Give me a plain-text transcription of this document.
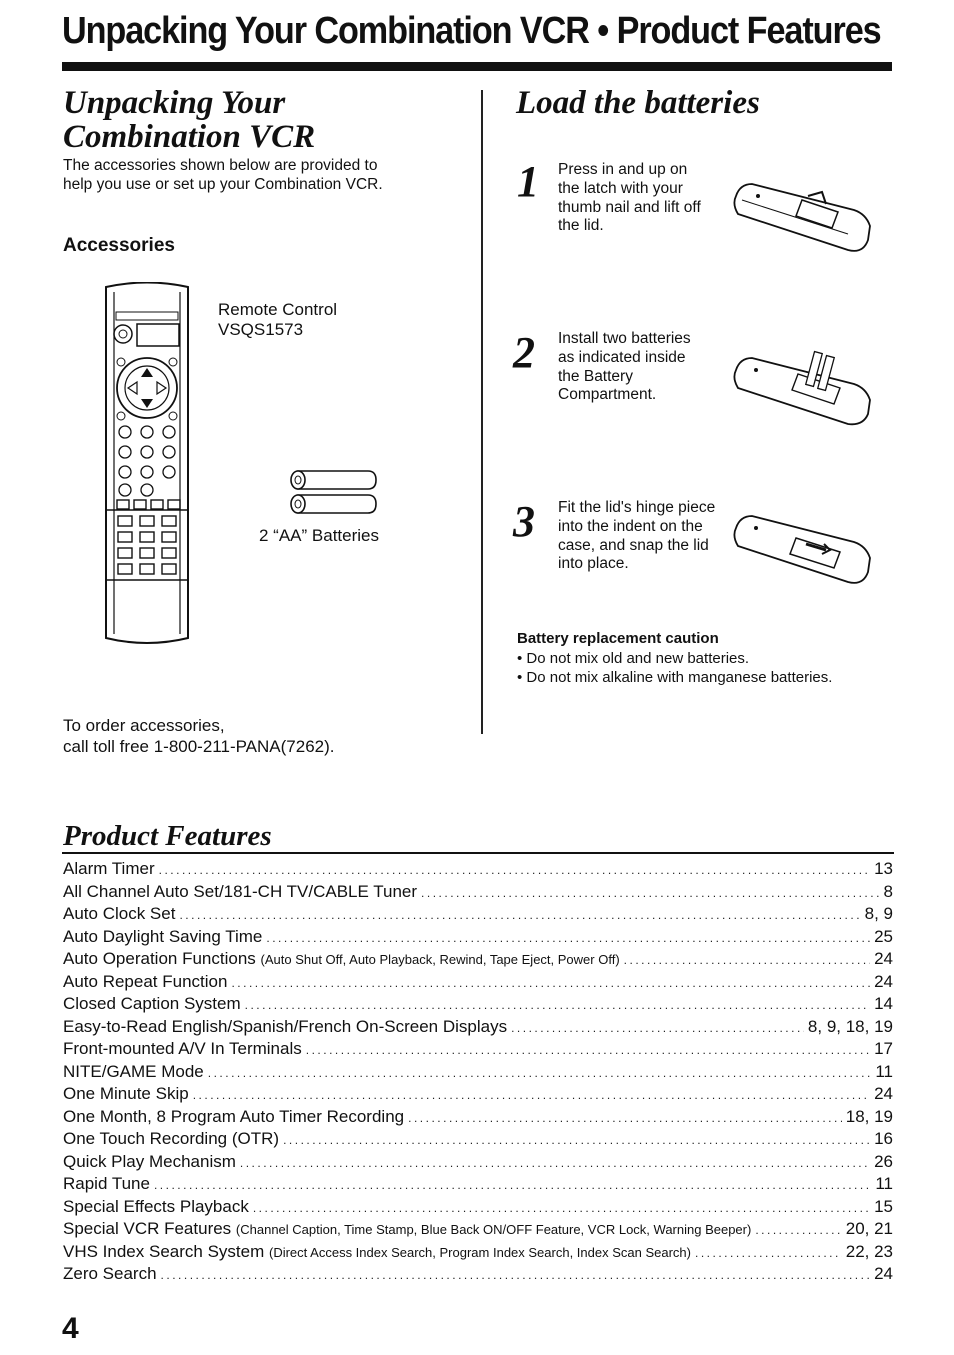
Unpacking Your Combination VCR • Product Features
Unpacking Your
Combination VCR
The accessories shown below are provided to
help you use or set up your Combination VCR.
Accessories
Remote Control
VSQS1573
2 “AA” Batteries
To order accessories,
call toll free 1-800-211-PANA(7262).
Load the batteries
1 Press in and up on the latch with your thumb nail and lift off the lid.
2 Install two batteries as indicated inside the Battery Compartment.
3 Fit the lid's hinge piece into the indent on the case, and snap the lid into place.
Battery replacement caution
• Do not mix old and new batteries.
• Do not mix alkaline with manganese batteries.
Product Features
Alarm Timer .....	13
All Channel Auto Set/181-CH TV/CABLE Tuner .....	8
Auto Clock Set .....	8, 9
Auto Daylight Saving Time .....	25
Auto Operation Functions (Auto Shut Off, Auto Playback, Rewind, Tape Eject, Power Off) .....	24
Auto Repeat Function .....	24
Closed Caption System .....	14
Easy-to-Read English/Spanish/French On-Screen Displays .....	8, 9, 18, 19
Front-mounted A/V In Terminals .....	17
NITE/GAME Mode .....	11
One Minute Skip .....	24
One Month, 8 Program Auto Timer Recording .....	18, 19
One Touch Recording (OTR) .....	16
Quick Play Mechanism .....	26
Rapid Tune .....	11
Special Effects Playback .....	15
Special VCR Features (Channel Caption, Time Stamp, Blue Back ON/OFF Feature, VCR Lock, Warning Beeper) .....	20, 21
VHS Index Search System (Direct Access Index Search, Program Index Search, Index Scan Search) .....	22, 23
Zero Search .....	24
4
